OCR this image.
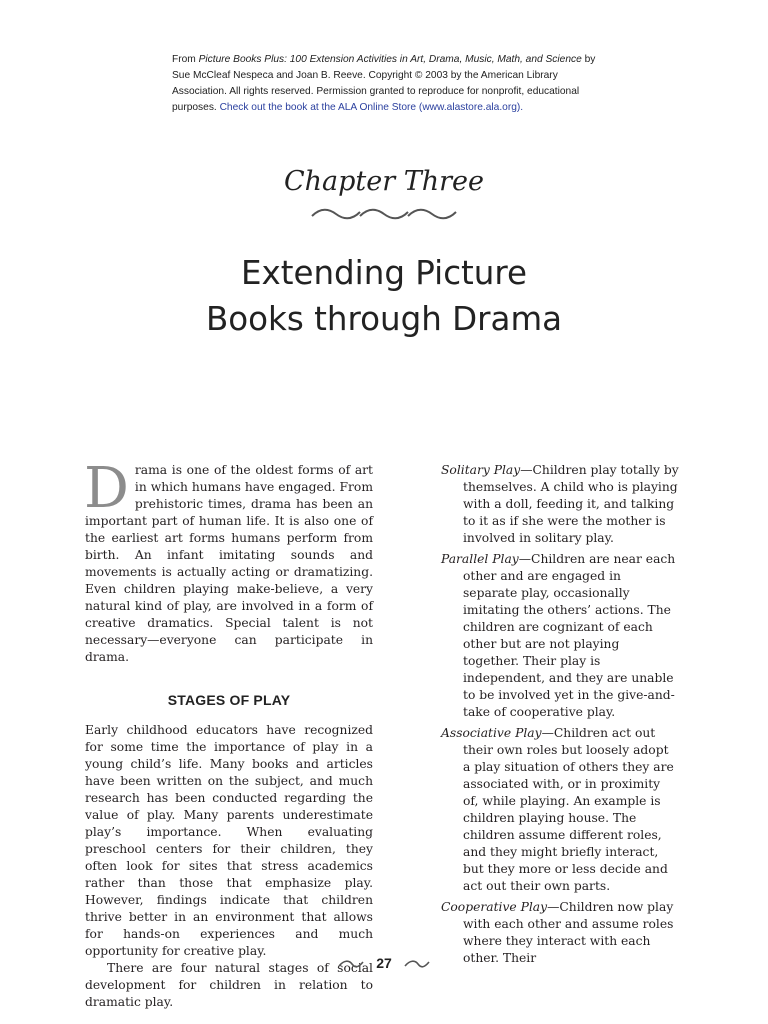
From Picture Books Plus: 100 Extension Activities in Art, Drama, Music, Math, and Science by Sue McCleaf Nespeca and Joan B. Reeve. Copyright © 2003 by the American Library Association. All rights reserved. Permission granted to reproduce for nonprofit, educational purposes. Check out the book at the ALA Online Store (www.alastore.ala.org).
Chapter Three
Extending Picture
Books through Drama

Drama is one of the oldest forms of art in which humans have engaged. From prehistoric times, drama has been an important part of human life. It is also one of the earliest art forms humans perform from birth. An infant imitating sounds and movements is actually acting or dramatizing. Even children playing make-believe, a very natural kind of play, are involved in a form of creative dramatics. Special talent is not necessary—everyone can participate in drama.

STAGES OF PLAY

Early childhood educators have recognized for some time the importance of play in a young child’s life. Many books and articles have been written on the subject, and much research has been conducted regarding the value of play. Many parents underestimate play’s importance. When evaluating preschool centers for their children, they often look for sites that stress academics rather than those that emphasize play. However, findings indicate that children thrive better in an environment that allows for hands-on experiences and much opportunity for creative play.

There are four natural stages of social development for children in relation to dramatic play.

Solitary Play—Children play totally by themselves. A child who is playing with a doll, feeding it, and talking to it as if she were the mother is involved in solitary play.

Parallel Play—Children are near each other and are engaged in separate play, occasionally imitating the others’ actions. The children are cognizant of each other but are not playing together. Their play is independent, and they are unable to be involved yet in the give-and-take of cooperative play.

Associative Play—Children act out their own roles but loosely adopt a play situation of others they are associated with, or in proximity of, while playing. An example is children playing house. The children assume different roles, and they might briefly interact, but they more or less decide and act out their own parts.

Cooperative Play—Children now play with each other and assume roles where they interact with each other. Their

27
